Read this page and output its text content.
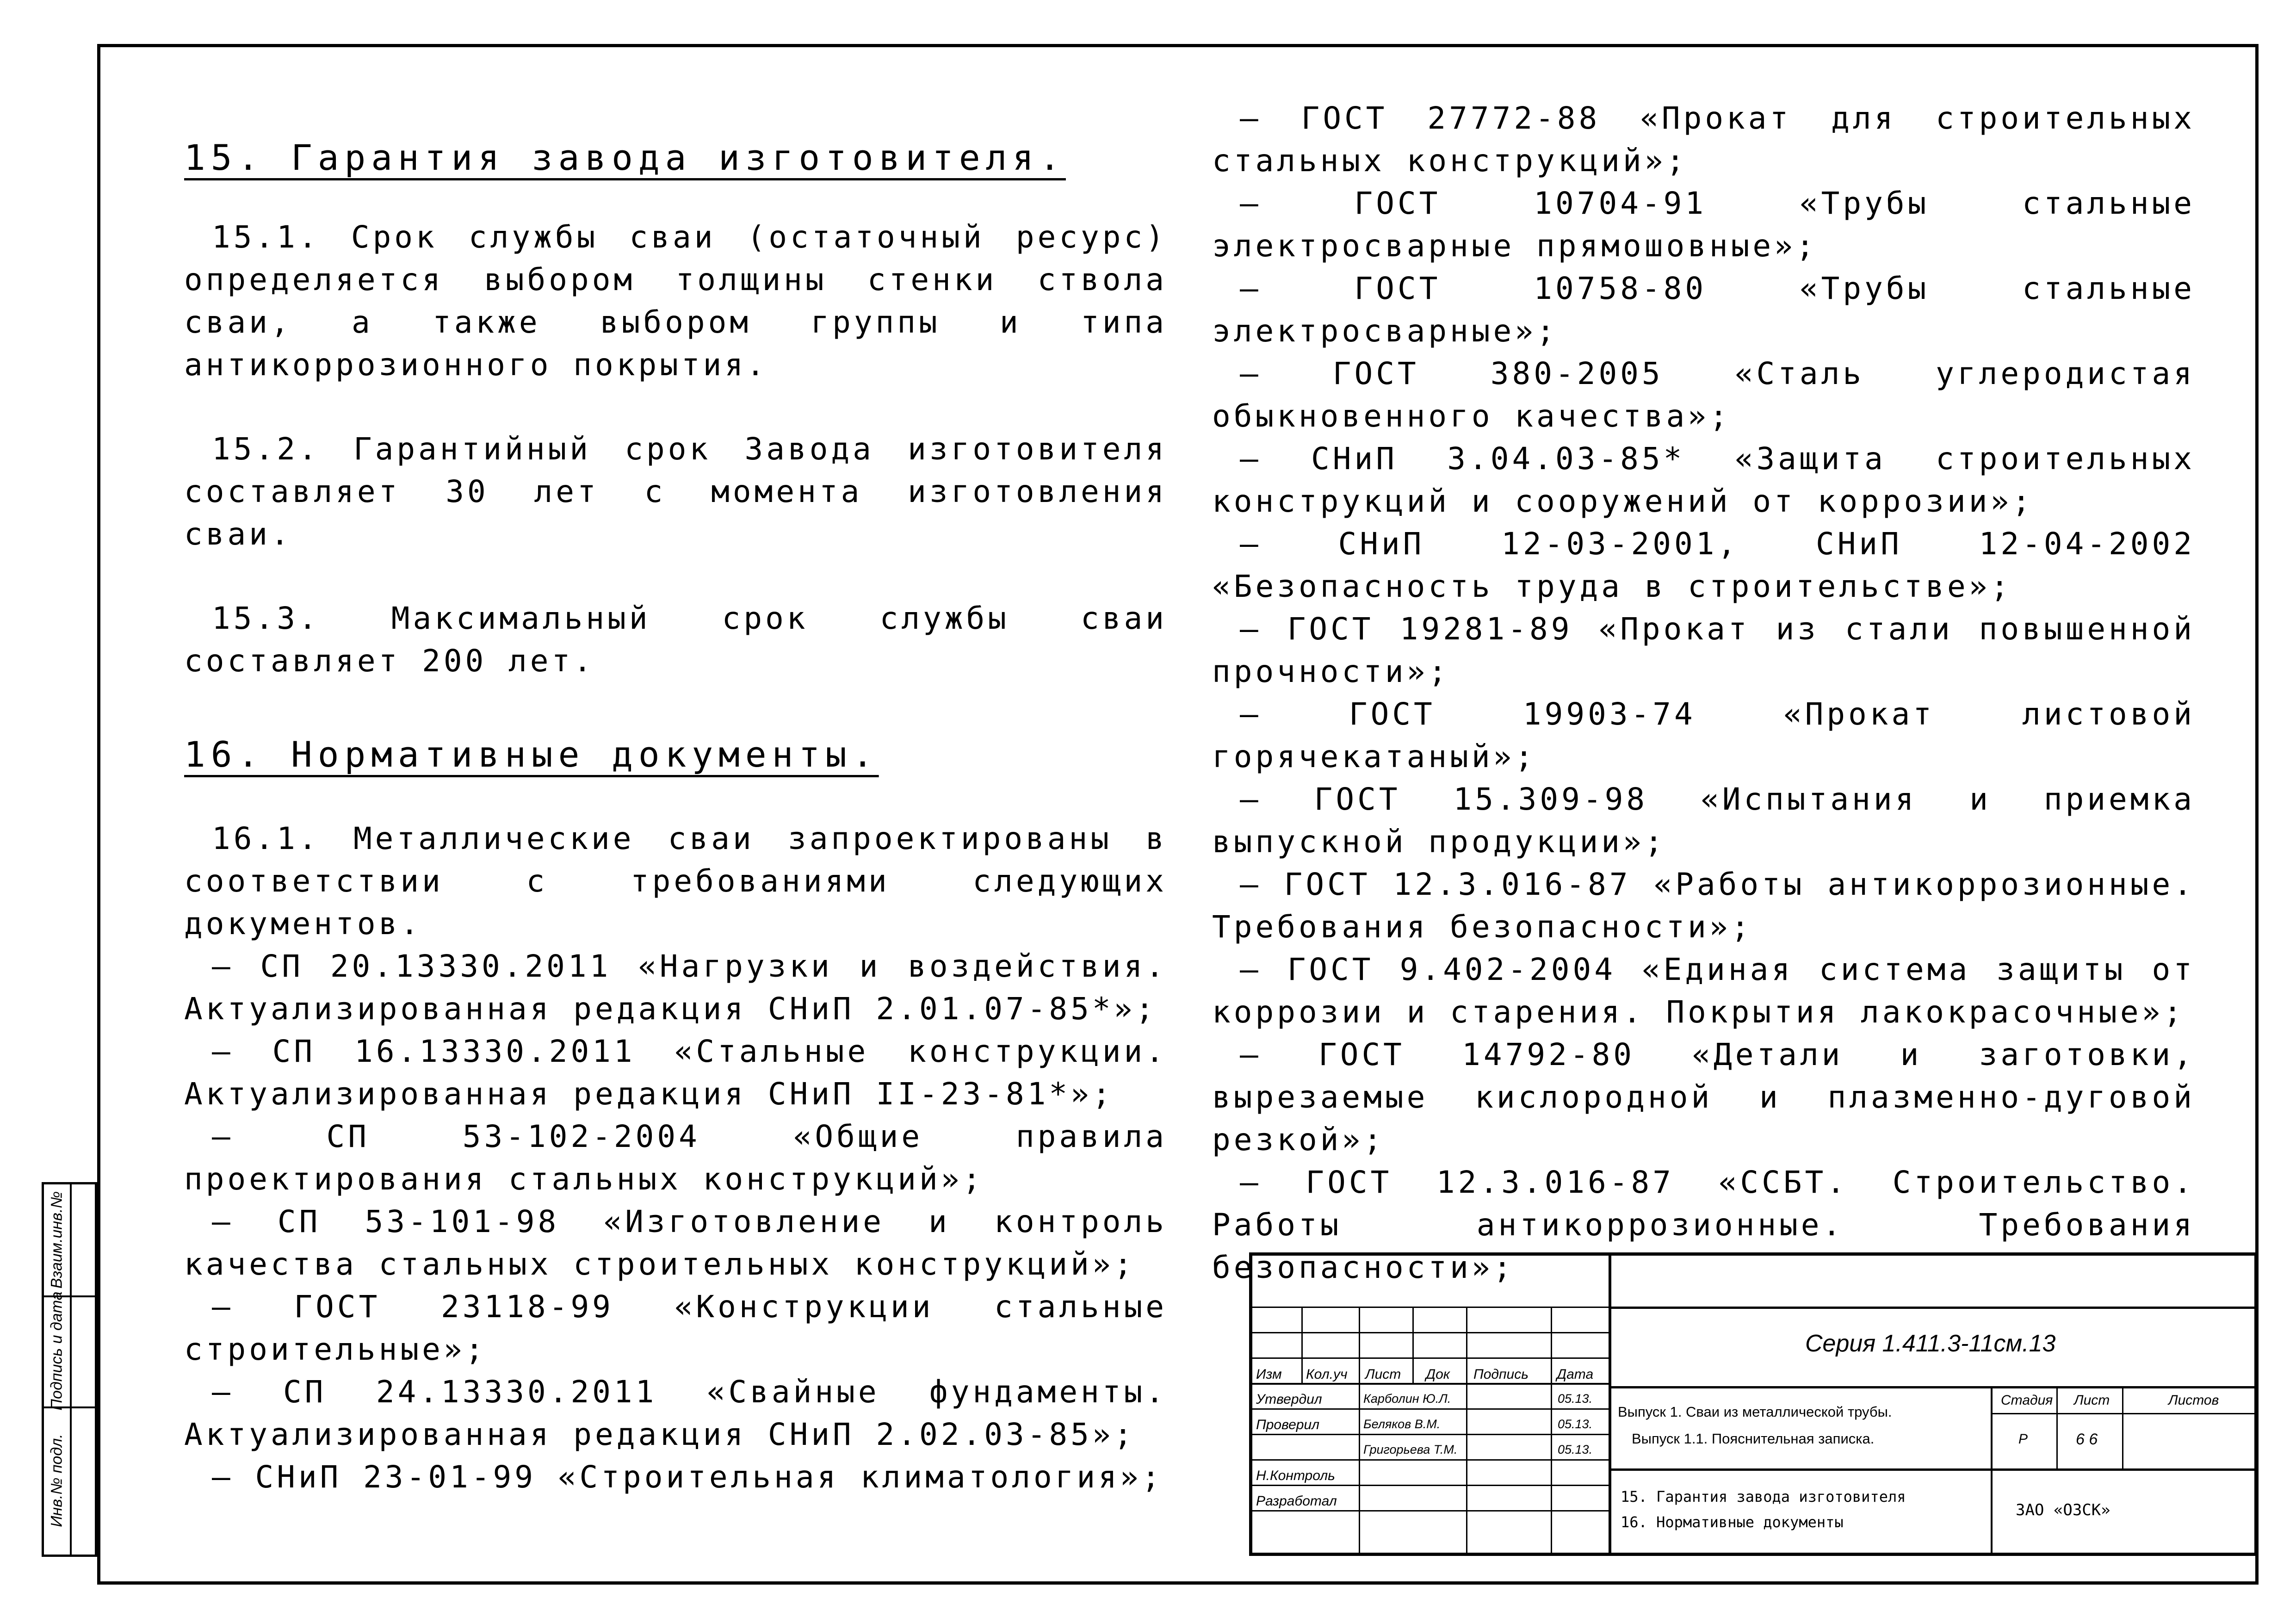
Взаим.инв.№
Подпись и дата
Инв.№ подл.

15. Гарантия завода изготовителя.

15.1. Срок службы сваи (остаточный ресурс) определяется выбором толщины стенки ствола сваи, а также выбором группы и типа антикоррозионного покрытия.

15.2. Гарантийный срок Завода изготовителя составляет 30 лет с момента изготовления сваи.

15.3. Максимальный срок службы сваи составляет 200 лет.

16. Нормативные документы.

16.1. Металлические сваи запроектированы в соответствии с требованиями следующих документов.

– СП 20.13330.2011 «Нагрузки и воздействия. Актуализированная редакция СНиП 2.01.07-85*»;

– СП 16.13330.2011 «Стальные конструкции. Актуализированная редакция СНиП II-23-81*»;

– СП 53-102-2004 «Общие правила проектирования стальных конструкций»;

– СП 53-101-98 «Изготовление и контроль качества стальных строительных конструкций»;

– ГОСТ 23118-99 «Конструкции стальные строительные»;

– СП 24.13330.2011 «Свайные фундаменты. Актуализированная редакция СНиП 2.02.03-85»;

– СНиП 23-01-99 «Строительная климатология»;

– ГОСТ 27772-88 «Прокат для строительных стальных конструкций»;

– ГОСТ 10704-91 «Трубы стальные электросварные прямошовные»;

– ГОСТ 10758-80 «Трубы стальные электросварные»;

– ГОСТ 380-2005 «Сталь углеродистая обыкновенного качества»;

– СНиП 3.04.03-85* «Защита строительных конструкций и сооружений от коррозии»;

– СНиП 12-03-2001, СНиП 12-04-2002 «Безопасность труда в строительстве»;

– ГОСТ 19281-89 «Прокат из стали повышенной прочности»;

– ГОСТ 19903-74 «Прокат листовой горячекатаный»;

– ГОСТ 15.309-98 «Испытания и приемка выпускной продукции»;

– ГОСТ 12.3.016-87 «Работы антикоррозионные. Требования безопасности»;

– ГОСТ 9.402-2004 «Единая система защиты от коррозии и старения. Покрытия лакокрасочные»;

– ГОСТ 14792-80 «Детали и заготовки, вырезаемые кислородной и плазменно-дуговой резкой»;

– ГОСТ 12.3.016-87 «ССБТ. Строительство. Работы антикоррозионные. Требования безопасности»;

Изм Кол.уч Лист Док Подпись Дата
Утвердил
Проверил
Н.Контроль
Разработал
Карболин Ю.Л.
Беляков В.М.
Григорьева Т.М.
05.13.
05.13.
05.13.
Серия 1.411.3-11см.13
Выпуск 1. Сваи из металлической трубы.
Выпуск 1.1. Пояснительная записка.
Стадия Лист	Листов
Р	6 6
15. Гарантия завода изготовителя
16. Нормативные документы
ЗАО «ОЗСК»
